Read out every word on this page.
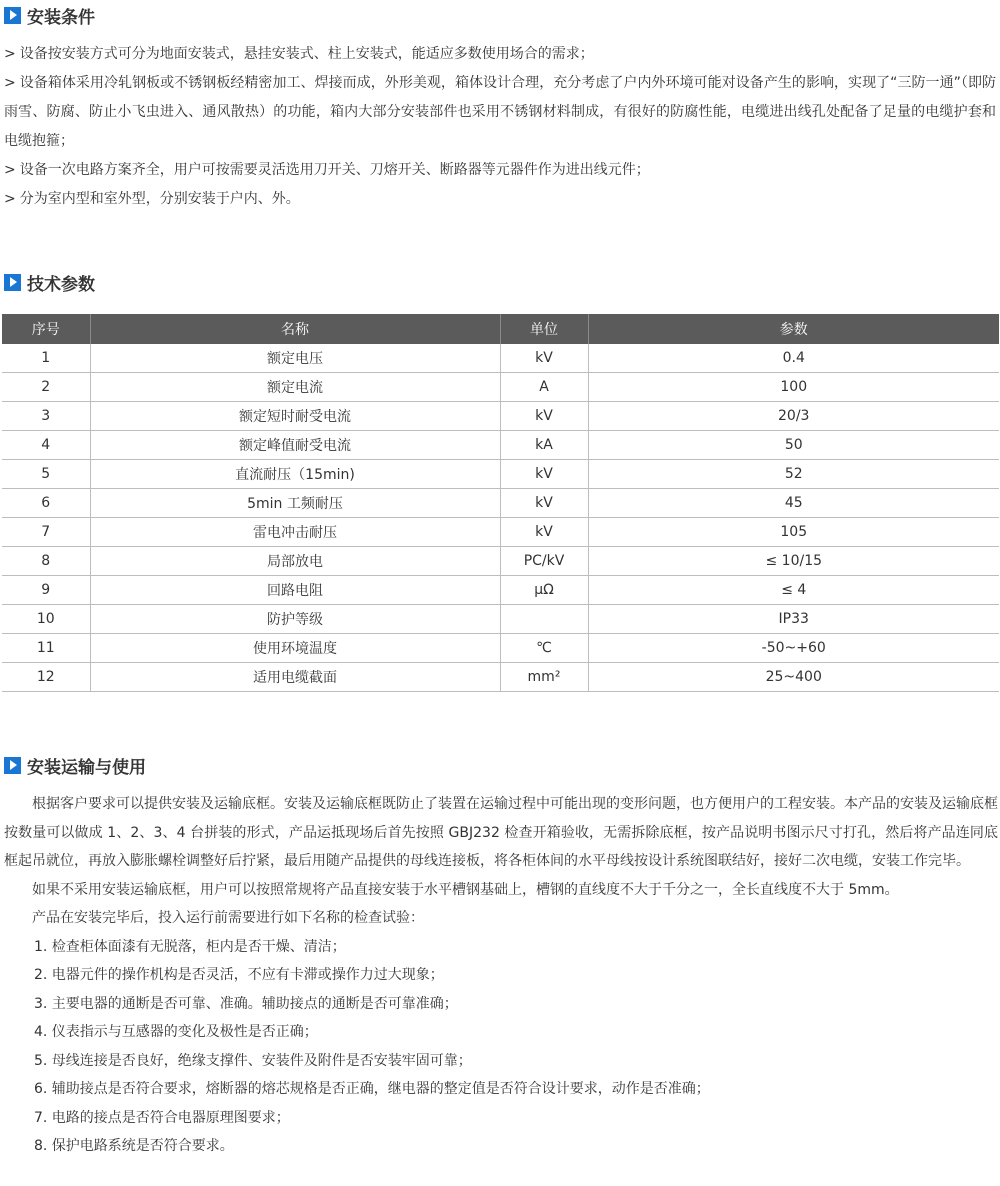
安装条件
> 设备按安装方式可分为地面安装式，悬挂安装式、柱上安装式，能适应多数使用场合的需求；
> 设备箱体采用冷轧钢板或不锈钢板经精密加工、焊接而成，外形美观，箱体设计合理，充分考虑了户内外环境可能对设备产生的影响，实现了“三防一通”（即防雨雪、防腐、防止小飞虫进入、通风散热）的功能，箱内大部分安装部件也采用不锈钢材料制成，有很好的防腐性能，电缆进出线孔处配备了足量的电缆护套和电缆抱箍；
> 设备一次电路方案齐全，用户可按需要灵活选用刀开关、刀熔开关、断路器等元器件作为进出线元件；
> 分为室内型和室外型，分别安装于户内、外。
技术参数
序号	名称	单位	参数
1	额定电压	kV	0.4
2	额定电流	A	100
3	额定短时耐受电流	kV	20/3
4	额定峰值耐受电流	kA	50
5	直流耐压（15min)	kV	52
6	5min 工频耐压	kV	45
7	雷电冲击耐压	kV	105
8	局部放电	PC/kV	≤ 10/15
9	回路电阻	μΩ	≤ 4
10	防护等级		IP33
11	使用环境温度	℃	-50~+60
12	适用电缆截面	mm²	25~400
安装运输与使用

根据客户要求可以提供安装及运输底框。安装及运输底框既防止了装置在运输过程中可能出现的变形问题，也方便用户的工程安装。本产品的安装及运输底框按数量可以做成 1、2、3、4 台拼装的形式，产品运抵现场后首先按照 GBJ232 检查开箱验收，无需拆除底框，按产品说明书图示尺寸打孔，然后将产品连同底框起吊就位，再放入膨胀螺栓调整好后拧紧，最后用随产品提供的母线连接板，将各柜体间的水平母线按设计系统图联结好，接好二次电缆，安装工作完毕。

如果不采用安装运输底框，用户可以按照常规将产品直接安装于水平槽钢基础上，槽钢的直线度不大于千分之一，全长直线度不大于 5mm。

产品在安装完毕后，投入运行前需要进行如下名称的检查试验：

1. 检查柜体面漆有无脱落，柜内是否干燥、清洁；

2. 电器元件的操作机构是否灵活，不应有卡滞或操作力过大现象；

3. 主要电器的通断是否可靠、准确。辅助接点的通断是否可靠准确；

4. 仪表指示与互感器的变化及极性是否正确；

5. 母线连接是否良好，绝缘支撑件、安装件及附件是否安装牢固可靠；

6. 辅助接点是否符合要求，熔断器的熔芯规格是否正确，继电器的整定值是否符合设计要求，动作是否准确；

7. 电路的接点是否符合电器原理图要求；

8. 保护电路系统是否符合要求。
